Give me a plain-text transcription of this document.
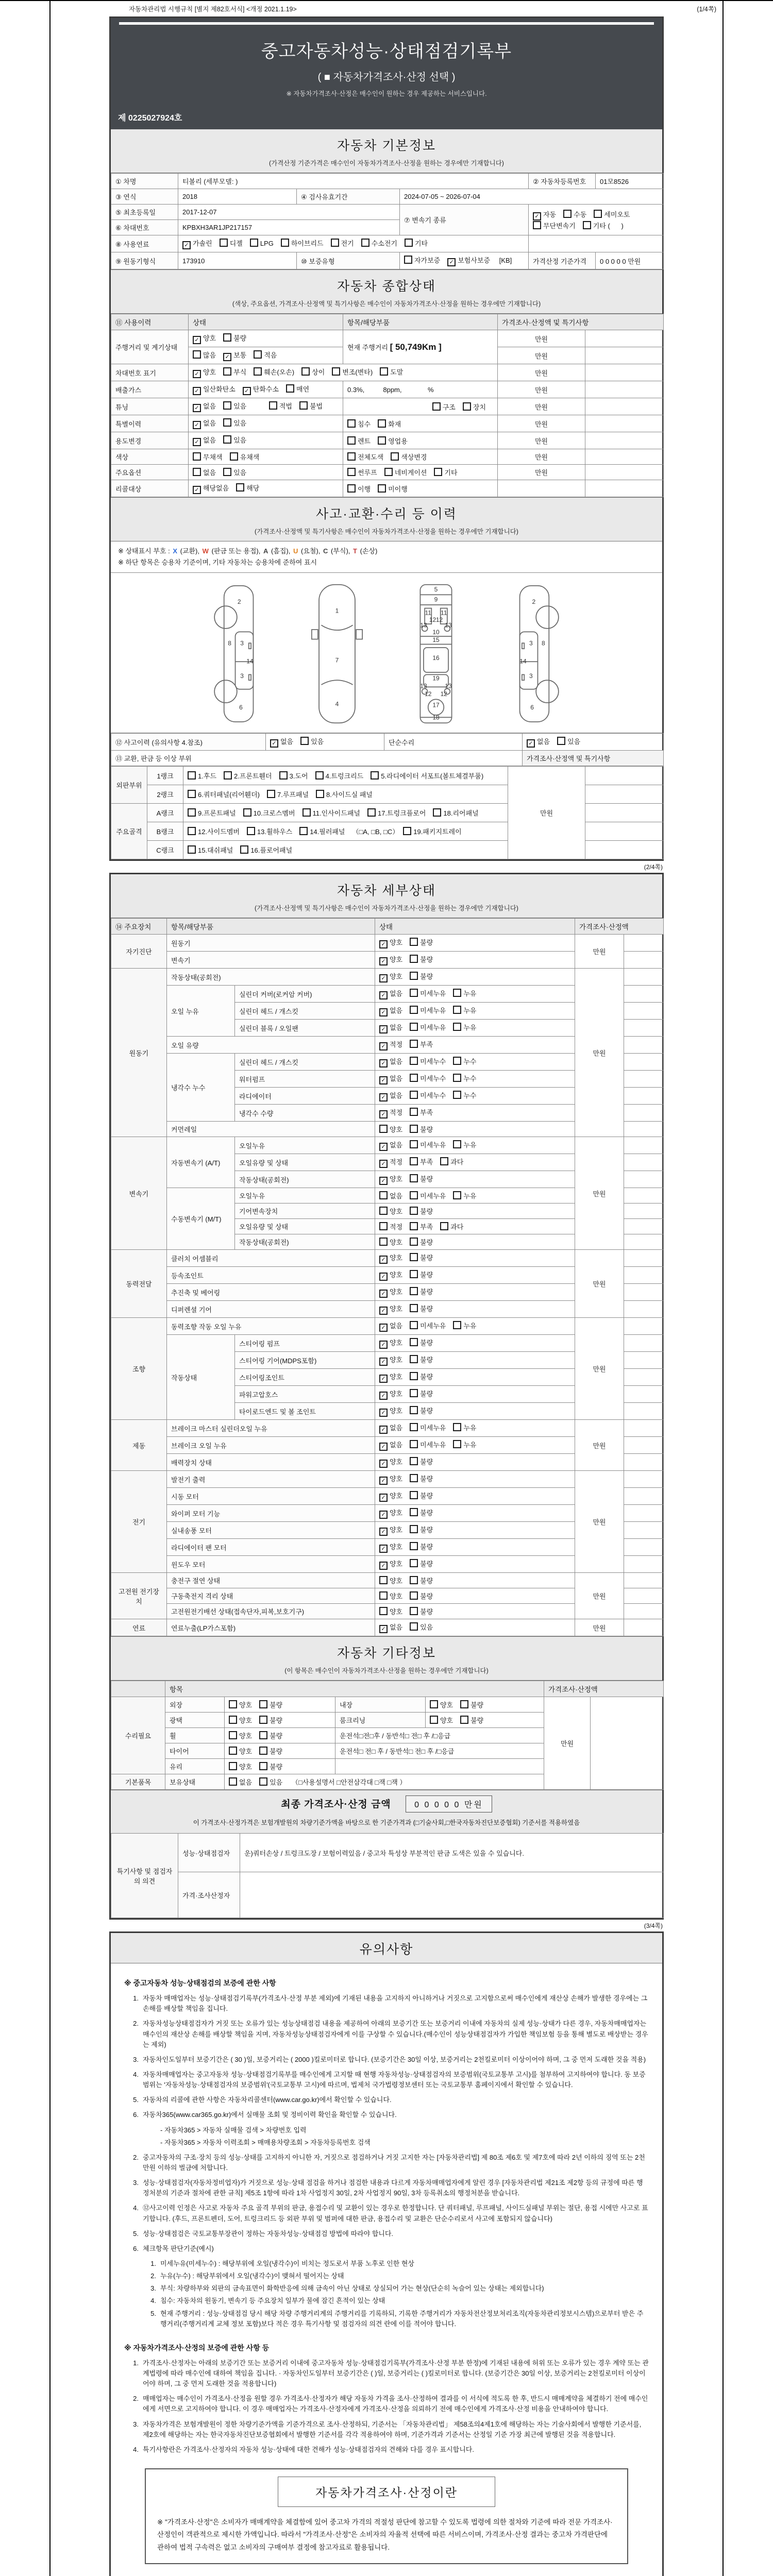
자동차관리법 시행규칙 [별지 제82호서식] <개정 2021.1.19>	(1/4쪽)
중고자동차성능·상태점검기록부
( ■ 자동차가격조사·산정 선택 )
※ 자동차가격조사·산정은 매수인이 원하는 경우 제공하는 서비스입니다.
제 0225027924호
자동차 기본정보
(가격산정 기준가격은 매수인이 자동차가격조사·산정을 원하는 경우에만 기재합니다)
① 차명	티볼리 (세부모델: )			② 자동차등록번호	01모8526
③ 연식	2018	④ 검사유효기간	2024-07-05 ~ 2026-07-04		
⑤ 최초등록일	2017-12-07		⑦ 변속기 종류	✓ 자동 수동 세미오토
무단변속기 기타 (      )	
⑥ 차대번호	KPBXH3AR1JP217157				
⑧ 사용연료	✓ 가솔린 디젤 LPG 하이브리드 전기 수소전기 기타				
⑨ 원동기형식	173910	⑩ 보증유형	자가보증 ✓ 보험사보증 [KB]	가격산정 기준가격	0 0 0 0 0 만원
자동차 종합상태
(색상, 주요옵션, 가격조사·산정액 및 특기사항은 매수인이 자동차가격조사·산정을 원하는 경우에만 기재합니다)
⑪ 사용이력	상태	항목/해당부품	가격조사·산정액 및 특기사항	
주행거리 및 계기상태	✓ 양호 불량	현재 주행거리 [ 50,749Km ]	만원	
	많음 ✓ 보통 적음		만원	
차대번호 표기	✓ 양호 부식 훼손(오손) 상이 변조(변타) 도말		만원	
배출가스	✓ 일산화탄소 ✓ 탄화수소 매연	0.3%,          8ppm,              %	만원	
튜닝	✓ 없음 있음 적법 불법	구조 장치	만원	
특별이력	✓ 없음 있음	침수 화재	만원	
용도변경	✓ 없음 있음	렌트 영업용	만원	
색상	무채색 유채색	전체도색 색상변경	만원	
주요옵션	없음 있음	썬루프 네비게이션 기타	만원	
리콜대상	✓ 해당없음 해당	이행 미이행		
사고·교환·수리 등 이력
(가격조사·산정액 및 특기사항은 매수인이 자동차가격조사·산정을 원하는 경우에만 기재합니다)
※ 상태표시 부호 : X (교환), W (판금 또는 용접), A (흠집), U (요철), C (부식), T (손상)
※ 하단 항목은 승용차 기준이며, 기타 자동차는 승용차에 준하여 표시
2
8 3
14
3
6
1
7
4
5
9
11 11
13	13
12 12
10
15
16
19
13	13
12 12
17
18
2
8
3
14
3
6
⑫ 사고이력 (유의사항 4.참조)	✓ 없음 있음	단순수리	✓ 없음 있음
⑬ 교환, 판금 등 이상 부위			가격조사·산정액 및 특기사항
외판부위	1랭크	1.후드 2.프론트휀더 3.도어 4.트렁크리드 5.라디에이터 서포트(볼트체결부품)	만원	
	2랭크	6.쿼터패널(리어휀더) 7.루프패널 8.사이드실 패널		
주요골격	A랭크	9.프론트패널 10.크로스멤버 11.인사이드패널 17.트렁크플로어 18.리어패널		
	B랭크	12.사이드멤버 13.휠하우스 14.필러패널 （□A, □B, □C） 19.패키지트레이		
	C랭크	15.대쉬패널 16.플로어패널		
(2/4쪽)
자동차 세부상태
(가격조사·산정액 및 특기사항은 매수인이 자동차가격조사·산정을 원하는 경우에만 기재합니다)
⑭ 주요장치	항목/해당부품		상태	가격조사·산정액	
자기진단	원동기		✓ 양호 불량	만원	
	변속기		✓ 양호 불량		
원동기	작동상태(공회전)		✓ 양호 불량	만원	
	오일 누유	실린더 커버(로커암 커버)	✓ 없음 미세누유 누유		
		실린더 헤드 / 개스킷	✓ 없음 미세누유 누유		
		실린더 블록 / 오일팬	✓ 없음 미세누유 누유		
	오일 유량		✓ 적정 부족		
	냉각수 누수	실린더 헤드 / 개스킷	✓ 없음 미세누수 누수		
		워터펌프	✓ 없음 미세누수 누수		
		라디에이터	✓ 없음 미세누수 누수		
		냉각수 수량	✓ 적정 부족		
	커먼레일		양호 불량		
변속기	자동변속기 (A/T)	오일누유	✓ 없음 미세누유 누유	만원	
		오일유량 및 상태	✓ 적정 부족 과다		
		작동상태(공회전)	✓ 양호 불량		
	수동변속기 (M/T)	오일누유	없음 미세누유 누유		
		기어변속장치	양호 불량		
		오일유량 및 상태	적정 부족 과다		
		작동상태(공회전)	양호 불량		
동력전달	클러치 어셈블리		✓ 양호 불량	만원	
	등속조인트		✓ 양호 불량		
	추진축 및 베어링		✓ 양호 불량		
	디퍼렌셜 기어		✓ 양호 불량		
조향	동력조향 작동 오일 누유		✓ 없음 미세누유 누유	만원	
	작동상태	스티어링 펌프	✓ 양호 불량		
		스티어링 기어(MDPS포함)	✓ 양호 불량		
		스티어링조인트	✓ 양호 불량		
		파워고압호스	✓ 양호 불량		
		타이로드엔드 및 볼 조인트	✓ 양호 불량		
제동	브레이크 마스터 실린더오일 누유		✓ 없음 미세누유 누유	만원	
	브레이크 오일 누유		✓ 없음 미세누유 누유		
	배력장치 상태		✓ 양호 불량		
전기	발전기 출력		✓ 양호 불량	만원	
	시동 모터		✓ 양호 불량		
	와이퍼 모터 기능		✓ 양호 불량		
	실내송풍 모터		✓ 양호 불량		
	라디에이터 팬 모터		✓ 양호 불량		
	윈도우 모터		✓ 양호 불량		
고전원 전기장치	충전구 절연 상태		양호 불량	만원	
	구동축전지 격리 상태		양호 불량		
	고전원전기배선 상태(접속단자,피복,보호기구)		양호 불량		
연료	연료누출(LP가스포함)		✓ 없음 있음	만원	
자동차 기타정보
(이 항목은 매수인이 자동차가격조사·산정을 원하는 경우에만 기재합니다)
	항목				가격조사·산정액	
수리필요	외장	양호 불량	내장	양호 불량	만원	
	광택	양호 불량	룸크리닝	양호 불량		
	휠	양호 불량	운전석□전□후 / 동반석□ 전□ 후 /□응급			
	타이어	양호 불량	운전석□ 전□ 후 / 동반석□ 전□ 후 /□응급			
	유리	양호 불량				
기본품목	보유상태	없음 있음 （□사용설명서 □안전삼각대 □잭 □잭 ）				
최종 가격조사·산정 금액	0 0 0 0 0 만원
이 가격조사·산정가격은 보험개발원의 차량기준가액을 바탕으로 한 기준가격과 (□기술사회,□한국자동차진단보증협회) 기준서를 적용하였음
특기사항 및 점검자의 의견	성능·상태점검자	운)쿼터손상 / 트렁크도장 / 보험이력있음 / 중고차 특성상 부분적인 판금 도색은 있을 수 있습니다.
	가격·조사산정자	
(3/4쪽)
유의사항
※ 중고자동차 성능·상태점검의 보증에 관한 사항
1. 자동차 매매업자는 성능·상태점검기록부(가격조사·산정 부분 제외)에 기재된 내용을 고지하지 아니하거나 거짓으로 고지함으로써 매수인에게 재산상 손해가 발생한 경우에는 그 손해를 배상할 책임을 집니다.
2. 자동차성능상태점검자가 거짓 또는 오류가 있는 성능상태점검 내용을 제공하여 아래의 보증기간 또는 보증거리 이내에 자동차의 실제 성능·상태가 다른 경우, 자동차매매업자는 매수인의 재산상 손해를 배상할 책임을 지며, 자동차성능상태점검자에게 이를 구상할 수 있습니다.(매수인이 성능상태점검자가 가입한 책임보험 등을 통해 별도로 배상받는 경우는 제외)
3. 자동차인도일부터 보증기간은 ( 30 )일, 보증거리는 ( 2000 )킬로미터로 합니다. (보증기간은 30일 이상, 보증거리는 2천킬로미터 이상이어야 하며, 그 중 먼저 도래한 것을 적용)
4. 자동차매매업자는 중고자동차 성능·상태점검기록부를 매수인에게 고지할 때 현행 자동차성능·상태점검자의 보증범위(국토교통부 고시)를 첨부하여 고지하여야 합니다. 동 보증범위는 '자동차성능·상태점검자의 보증범위'(국토교통부 고시)에 따르며, 법제처 국가법령정보센터 또는 국토교통부 홈페이지에서 확인할 수 있습니다.
5. 자동차의 리콜에 관한 사항은 자동차리콜센터(www.car.go.kr)에서 확인할 수 있습니다.
6. 자동차365(www.car365.go.kr)에서 실매물 조회 및 정비이력 확인을 확인할 수 있습니다.
- 자동차365 > 자동차 실매물 검색 > 차량번호 입력
- 자동차365 > 자동차 이력조회 > 매매용차량조회 > 자동차등록번호 검색
2. 중고자동차의 구조·장치 등의 성능·상태를 고지하지 아니한 자, 거짓으로 점검하거나 거짓 고지한 자는 [자동차관리법] 제 80조 제6호 및 제7호에 따라 2년 이하의 징역 또는 2천만원 이하의 벌금에 처합니다.
3. 성능·상태점검자(자동차정비업자)가 거짓으로 성능·상태 점검을 하거나 점검한 내용과 다르게 자동차매매업자에게 알린 경우 [자동차관리법 제21조 제2항 등의 규정에 따른 행정처분의 기준과 절차에 관한 규칙] 제5조 1항에 따라 1차 사업정지 30일, 2차 사업정지 90일, 3차 등록취소의 행정처분을 받습니다.
4. ⑫사고이력 인정은 사고로 자동차 주요 골격 부위의 판금, 용접수리 및 교환이 있는 경우로 한정합니다. 단 쿼터패널, 루프패널, 사이드실패널 부위는 절단, 용접 시에만 사고로 표기합니다. (후드, 프론트펜더, 도어, 트렁크리드 등 외판 부위 및 범퍼에 대한 판금, 용접수리 및 교환은 단순수리로서 사고에 포함되지 않습니다)
5. 성능·상태점검은 국토교통부장관이 정하는 자동차성능·상태점검 방법에 따라야 합니다.
6. 체크항목 판단기준(예시)
1. 미세누유(미세누수) : 해당부위에 오일(냉각수)이 비치는 정도로서 부품 노후로 인한 현상
2. 누유(누수) : 해당부위에서 오일(냉각수)이 맺혀서 떨어지는 상태
3. 부식: 차량하부와 외판의 금속표면이 화학반응에 의해 금속이 아닌 상태로 상실되어 가는 현상(단순히 녹슬어 있는 상태는 제외합니다)
4. 침수: 자동차의 원동기, 변속기 등 주요장치 일부가 물에 잠긴 흔적이 있는 상태
5. 현재 주행거리 : 성능·상태점검 당시 해당 차량 주행거리계의 주행거리를 기록하되, 기록한 주행거리가 자동차전산정보처리조직(자동차관리정보시스템)으로부터 받은 주행거리(주행거리계 교체 정보 포함)보다 적은 경우 특기사항 및 점검자의 의견 란에 이를 적어야 합니다.
※ 자동차가격조사·산정의 보증에 관한 사항 등
1. 가격조사·산정자는 아래의 보증기간 또는 보증거리 이내에 중고자동차 성능·상태점검기록부(가격조사·산정 부분 한정)에 기재된 내용에 허위 또는 오류가 있는 경우 계약 또는 관계법령에 따라 매수인에 대하여 책임을 집니다. · 자동차인도일부터 보증기간은 ( )일, 보증거리는 ( )킬로미터로 합니다. (보증기간은 30일 이상, 보증거리는 2천킬로미터 이상이어야 하며, 그 중 먼저 도래한 것을 적용합니다)
2. 매매업자는 매수인이 가격조사·산정을 원할 경우 가격조사·산정자가 해당 자동차 가격을 조사·산정하여 결과를 이 서식에 적도록 한 후, 반드시 매매계약을 체결하기 전에 매수인에게 서면으로 고지하여야 합니다. 이 경우 매매업자는 가격조사·산정자에게 가격조사·산정을 의뢰하기 전에 매수인에게 가격조사·산정 비용을 안내하여야 합니다.
3. 자동차가격은 보험개발원이 정한 차량기준가액을 기준가격으로 조사·산정하되, 기준서는 「자동차관리법」 제58조의4제1호에 해당하는 자는 기술사회에서 발행한 기준서를, 제2호에 해당하는 자는 한국자동차진단보증협회에서 발행한 기준서를 각각 적용하여야 하며, 기준가격과 기준서는 산정일 기준 가장 최근에 발행된 것을 적용합니다.
4. 특기사항란은 가격조사·산정자의 자동차 성능·상태에 대한 견해가 성능·상태점검자의 견해와 다를 경우 표시합니다.
자동차가격조사·산정이란
※ "가격조사·산정"은 소비자가 매매계약을 체결함에 있어 중고차 가격의 적절성 판단에 참고할 수 있도록 법령에 의한 절차와 기준에 따라 전문 가격조사·산정인이 객관적으로 제시한 가액입니다. 따라서 "가격조사·산정"은 소비자의 자율적 선택에 따른 서비스이며, 가격조사·산정 결과는 중고차 가격판단에 관하여 법적 구속력은 없고 소비자의 구매여부 결정에 참고자료로 활용됩니다.
